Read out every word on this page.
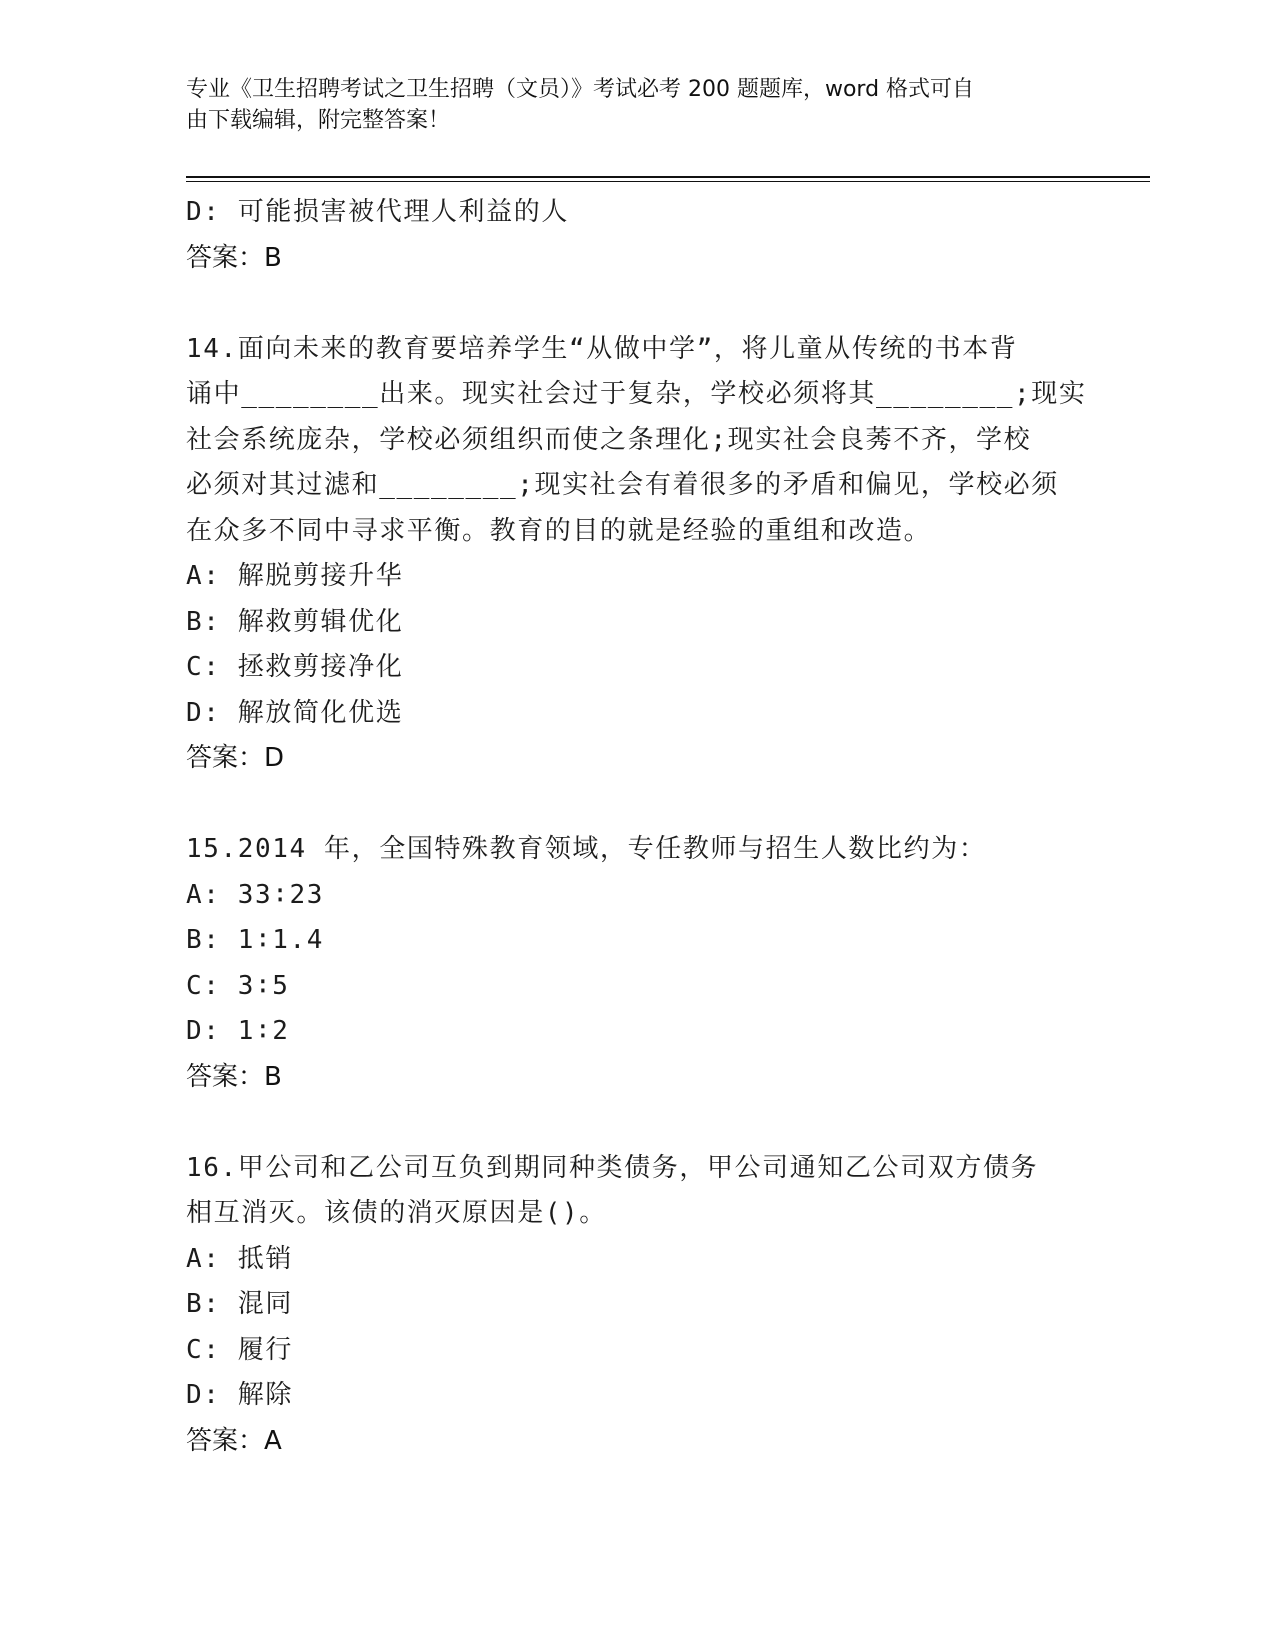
专业《卫生招聘考试之卫生招聘（文员）》考试必考 200 题题库，word 格式可自
由下载编辑，附完整答案！
D: 可能损害被代理人利益的人
答案：B
14.面向未来的教育要培养学生“从做中学”，将儿童从传统的书本背
诵中________出来。现实社会过于复杂，学校必须将其________;现实
社会系统庞杂，学校必须组织而使之条理化;现实社会良莠不齐，学校
必须对其过滤和________;现实社会有着很多的矛盾和偏见，学校必须
在众多不同中寻求平衡。教育的目的就是经验的重组和改造。
A: 解脱剪接升华
B: 解救剪辑优化
C: 拯救剪接净化
D: 解放简化优选
答案：D
15.2014 年，全国特殊教育领域，专任教师与招生人数比约为：
A: 33∶23
B: 1∶1.4
C: 3∶5
D: 1∶2
答案：B
16.甲公司和乙公司互负到期同种类债务，甲公司通知乙公司双方债务
相互消灭。该债的消灭原因是()。
A: 抵销
B: 混同
C: 履行
D: 解除
答案：A
